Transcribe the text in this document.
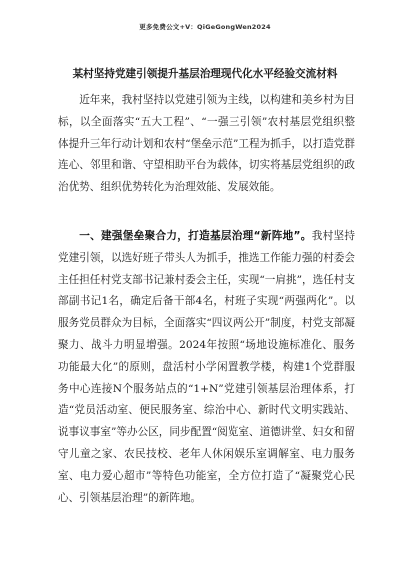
更多免费公文+V：QiGeGongWen2024
某村坚持党建引领提升基层治理现代化水平经验交流材料

近年来，我村坚持以党建引领为主线，以构建和美乡村为目标，以全面落实“五大工程”、“一强三引领”农村基层党组织整体提升三年行动计划和农村“堡垒示范”工程为抓手，以打造党群连心、邻里和谐、守望相助平台为载体，切实将基层党组织的政治优势、组织优势转化为治理效能、发展效能。

一、建强堡垒聚合力，打造基层治理“新阵地”。我村坚持党建引领，以选好班子带头人为抓手，推选工作能力强的村委会主任担任村党支部书记兼村委会主任，实现“一肩挑”，选任村支部副书记1名，确定后备干部4名，村班子实现“两强两化”。以服务党员群众为目标，全面落实“四议两公开”制度，村党支部凝聚力、战斗力明显增强。2024年按照“场地设施标准化、服务功能最大化”的原则，盘活村小学闲置教学楼，构建1个党群服务中心连接N个服务站点的“1+N”党建引领基层治理体系，打造“党员活动室、便民服务室、综治中心、新时代文明实践站、说事议事室”等办公区，同步配置“阅览室、道德讲堂、妇女和留守儿童之家、农民技校、老年人休闲娱乐室调解室、电力服务室、电力爱心超市”等特色功能室，全方位打造了“凝聚党心民心、引领基层治理”的新阵地。
